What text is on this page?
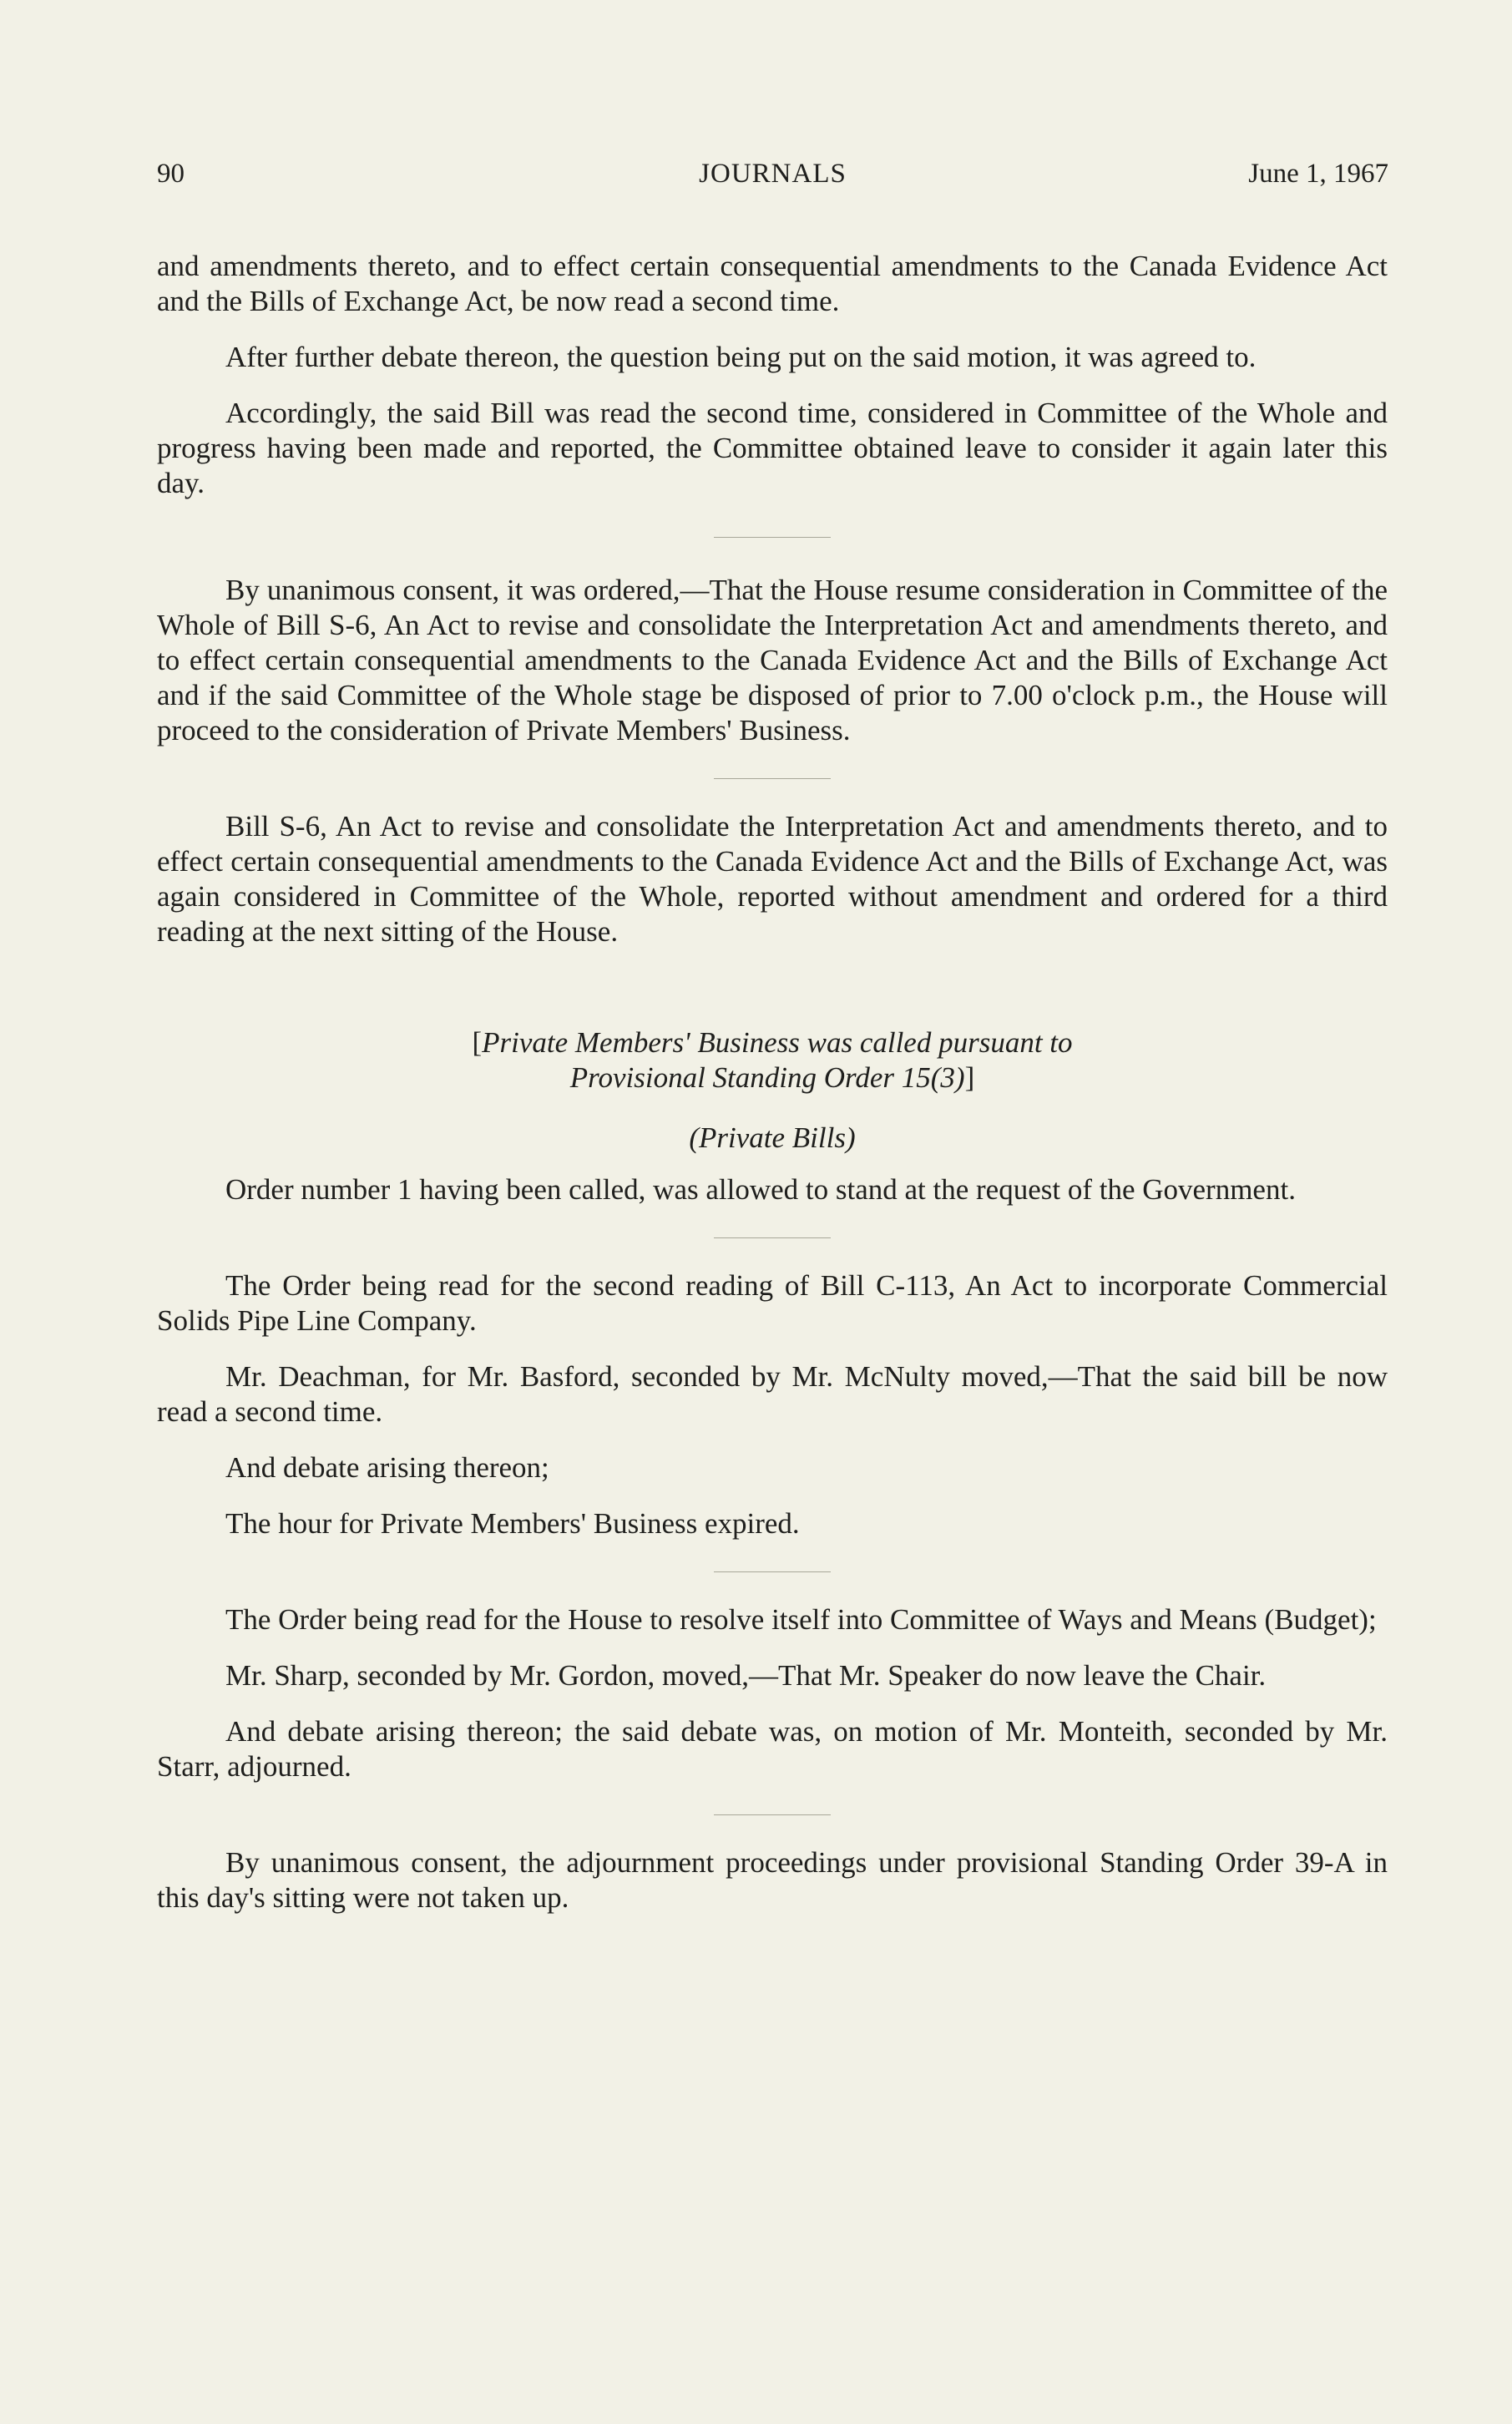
90	JOURNALS	June 1, 1967

and amendments thereto, and to effect certain consequential amendments to the Canada Evidence Act and the Bills of Exchange Act, be now read a second time.

After further debate thereon, the question being put on the said motion, it was agreed to.

Accordingly, the said Bill was read the second time, considered in Committee of the Whole and progress having been made and reported, the Committee obtained leave to consider it again later this day.

By unanimous consent, it was ordered,—That the House resume consideration in Committee of the Whole of Bill S-6, An Act to revise and consolidate the Interpretation Act and amendments thereto, and to effect certain consequential amendments to the Canada Evidence Act and the Bills of Exchange Act and if the said Committee of the Whole stage be disposed of prior to 7.00 o'clock p.m., the House will proceed to the consideration of Private Members' Business.

Bill S-6, An Act to revise and consolidate the Interpretation Act and amendments thereto, and to effect certain consequential amendments to the Canada Evidence Act and the Bills of Exchange Act, was again considered in Committee of the Whole, reported without amendment and ordered for a third reading at the next sitting of the House.

[Private Members' Business was called pursuant to
Provisional Standing Order 15(3)]
(Private Bills)

Order number 1 having been called, was allowed to stand at the request of the Government.

The Order being read for the second reading of Bill C-113, An Act to incorporate Commercial Solids Pipe Line Company.

Mr. Deachman, for Mr. Basford, seconded by Mr. McNulty moved,—That the said bill be now read a second time.

And debate arising thereon;

The hour for Private Members' Business expired.

The Order being read for the House to resolve itself into Committee of Ways and Means (Budget);

Mr. Sharp, seconded by Mr. Gordon, moved,—That Mr. Speaker do now leave the Chair.

And debate arising thereon; the said debate was, on motion of Mr. Monteith, seconded by Mr. Starr, adjourned.

By unanimous consent, the adjournment proceedings under provisional Standing Order 39-A in this day's sitting were not taken up.
